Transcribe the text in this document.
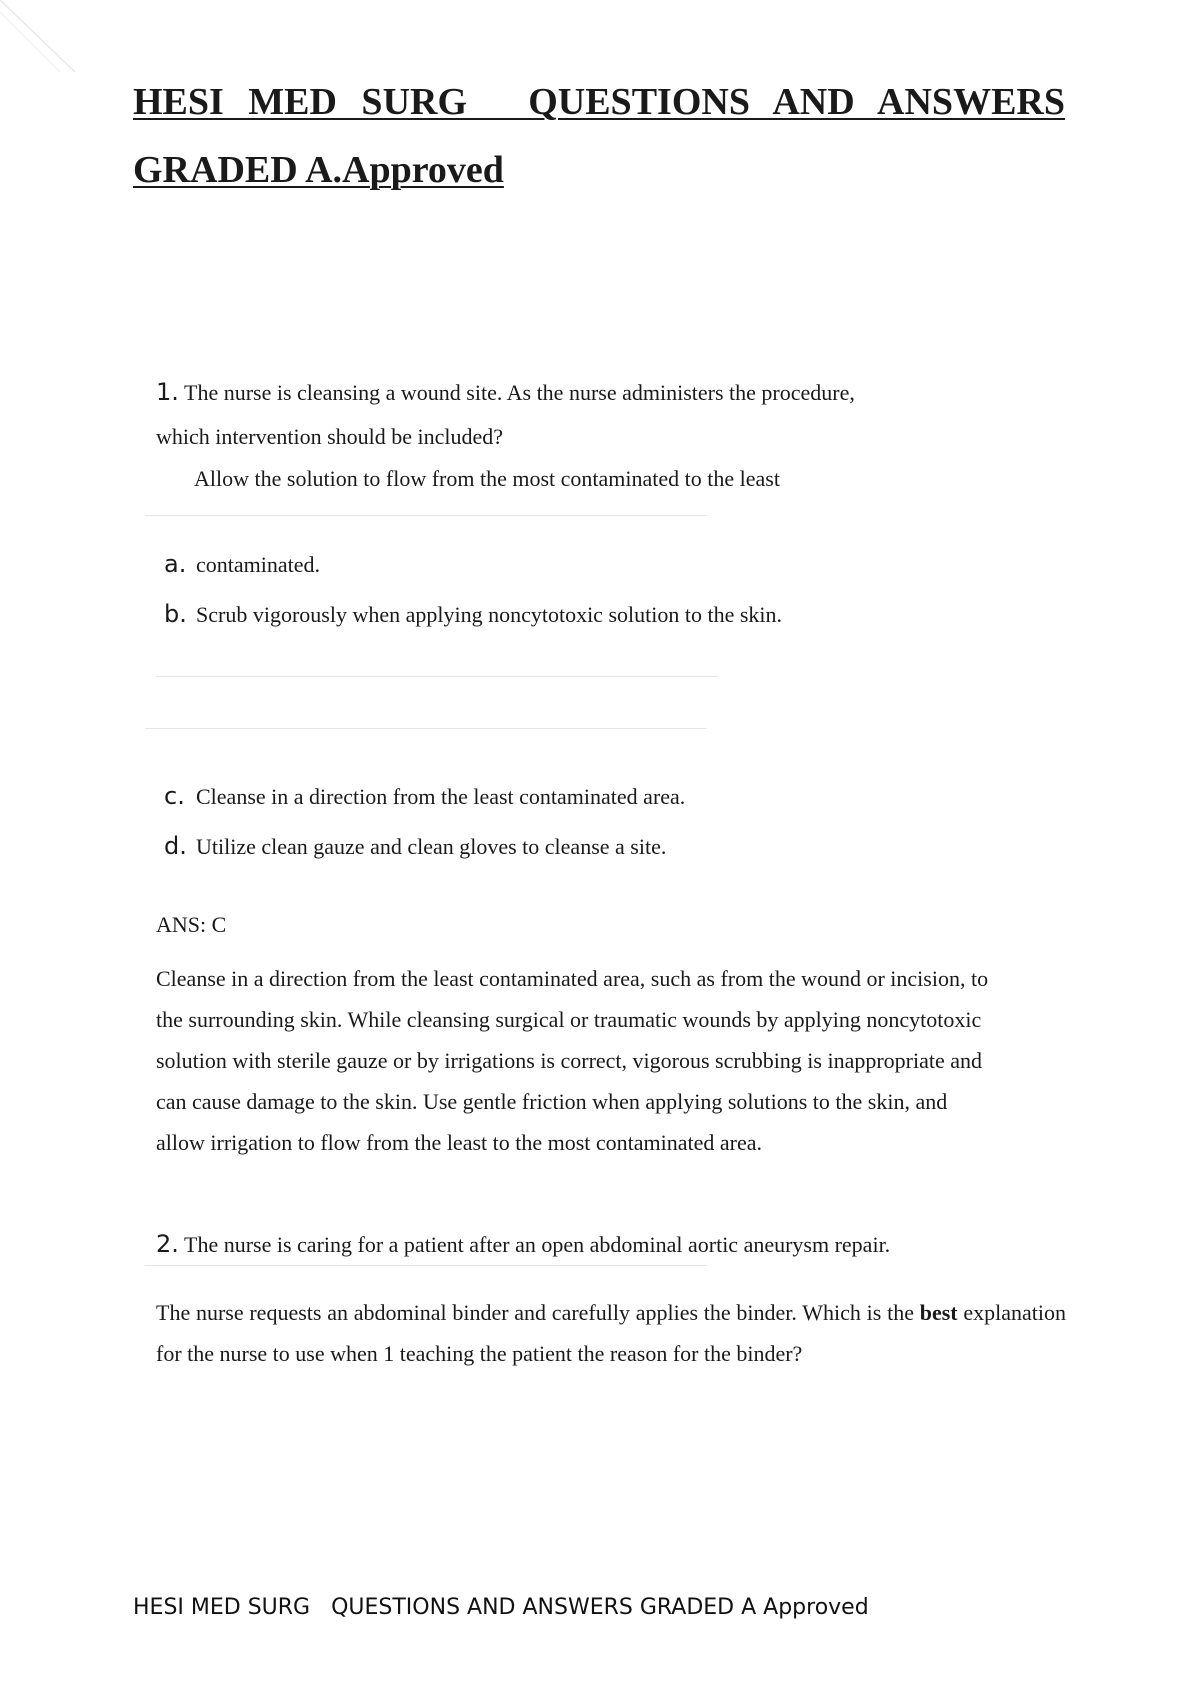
HESI  MED  SURG     QUESTIONS  AND  ANSWERS
GRADED A.Approved
1. The nurse is cleansing a wound site. As the nurse administers the procedure,
which intervention should be included?
Allow the solution to flow from the most contaminated to the least
a. contaminated.
b. Scrub vigorously when applying noncytotoxic solution to the skin.
c. Cleanse in a direction from the least contaminated area.
d. Utilize clean gauze and clean gloves to cleanse a site.
ANS: C

Cleanse in a direction from the least contaminated area, such as from the wound or incision, to the surrounding skin. While cleansing surgical or traumatic wounds by applying noncytotoxic solution with sterile gauze or by irrigations is correct, vigorous scrubbing is inappropriate and can cause damage to the skin. Use gentle friction when applying solutions to the skin, and allow irrigation to flow from the least to the most contaminated area.

2. The nurse is caring for a patient after an open abdominal aortic aneurysm repair.

The nurse requests an abdominal binder and carefully applies the binder. Which is the best explanation for the nurse to use when 1 teaching the patient the reason for the binder?

HESI MED SURG   QUESTIONS AND ANSWERS GRADED A Approved
